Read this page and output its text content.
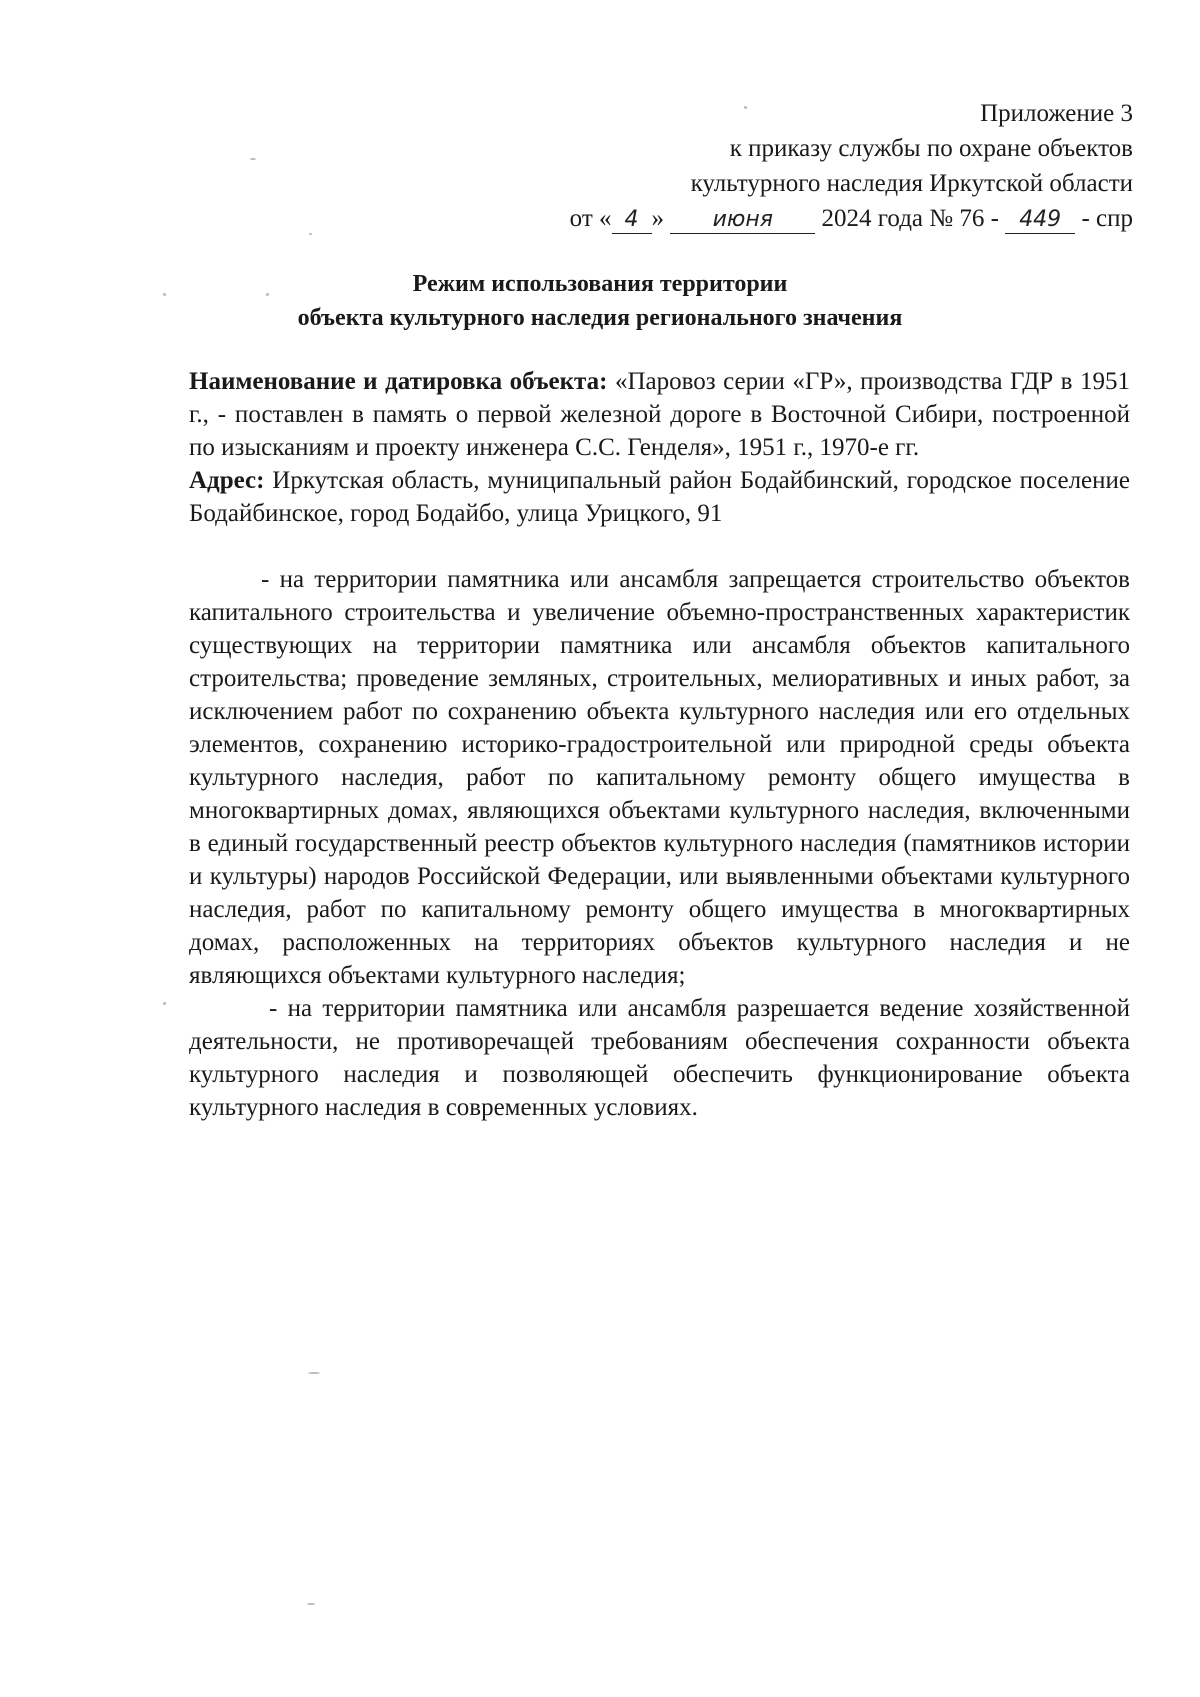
Приложение 3
к приказу службы по охране объектов
культурного наследия Иркутской области
от « 4 » июня 2024 года № 76 - 449 - спр
Режим использования территории
объекта культурного наследия регионального значения

Наименование и датировка объекта: «Паровоз серии «ГР», производства ГДР в 1951 г., - поставлен в память о первой железной дороге в Восточной Сибири, построенной по изысканиям и проекту инженера С.С. Генделя», 1951 г., 1970-е гг.

Адрес: Иркутская область, муниципальный район Бодайбинский, городское поселение Бодайбинское, город Бодайбо, улица Урицкого, 91

- на территории памятника или ансамбля запрещается строительство объектов капитального строительства и увеличение объемно-пространственных характеристик существующих на территории памятника или ансамбля объектов капитального строительства; проведение земляных, строительных, мелиоративных и иных работ, за исключением работ по сохранению объекта культурного наследия или его отдельных элементов, сохранению историко-градостроительной или природной среды объекта культурного наследия, работ по капитальному ремонту общего имущества в многоквартирных домах, являющихся объектами культурного наследия, включенными в единый государственный реестр объектов культурного наследия (памятников истории и культуры) народов Российской Федерации, или выявленными объектами культурного наследия, работ по капитальному ремонту общего имущества в многоквартирных домах, расположенных на территориях объектов культурного наследия и не являющихся объектами культурного наследия;

- на территории памятника или ансамбля разрешается ведение хозяйственной деятельности, не противоречащей требованиям обеспечения сохранности объекта культурного наследия и позволяющей обеспечить функционирование объекта культурного наследия в современных условиях.
